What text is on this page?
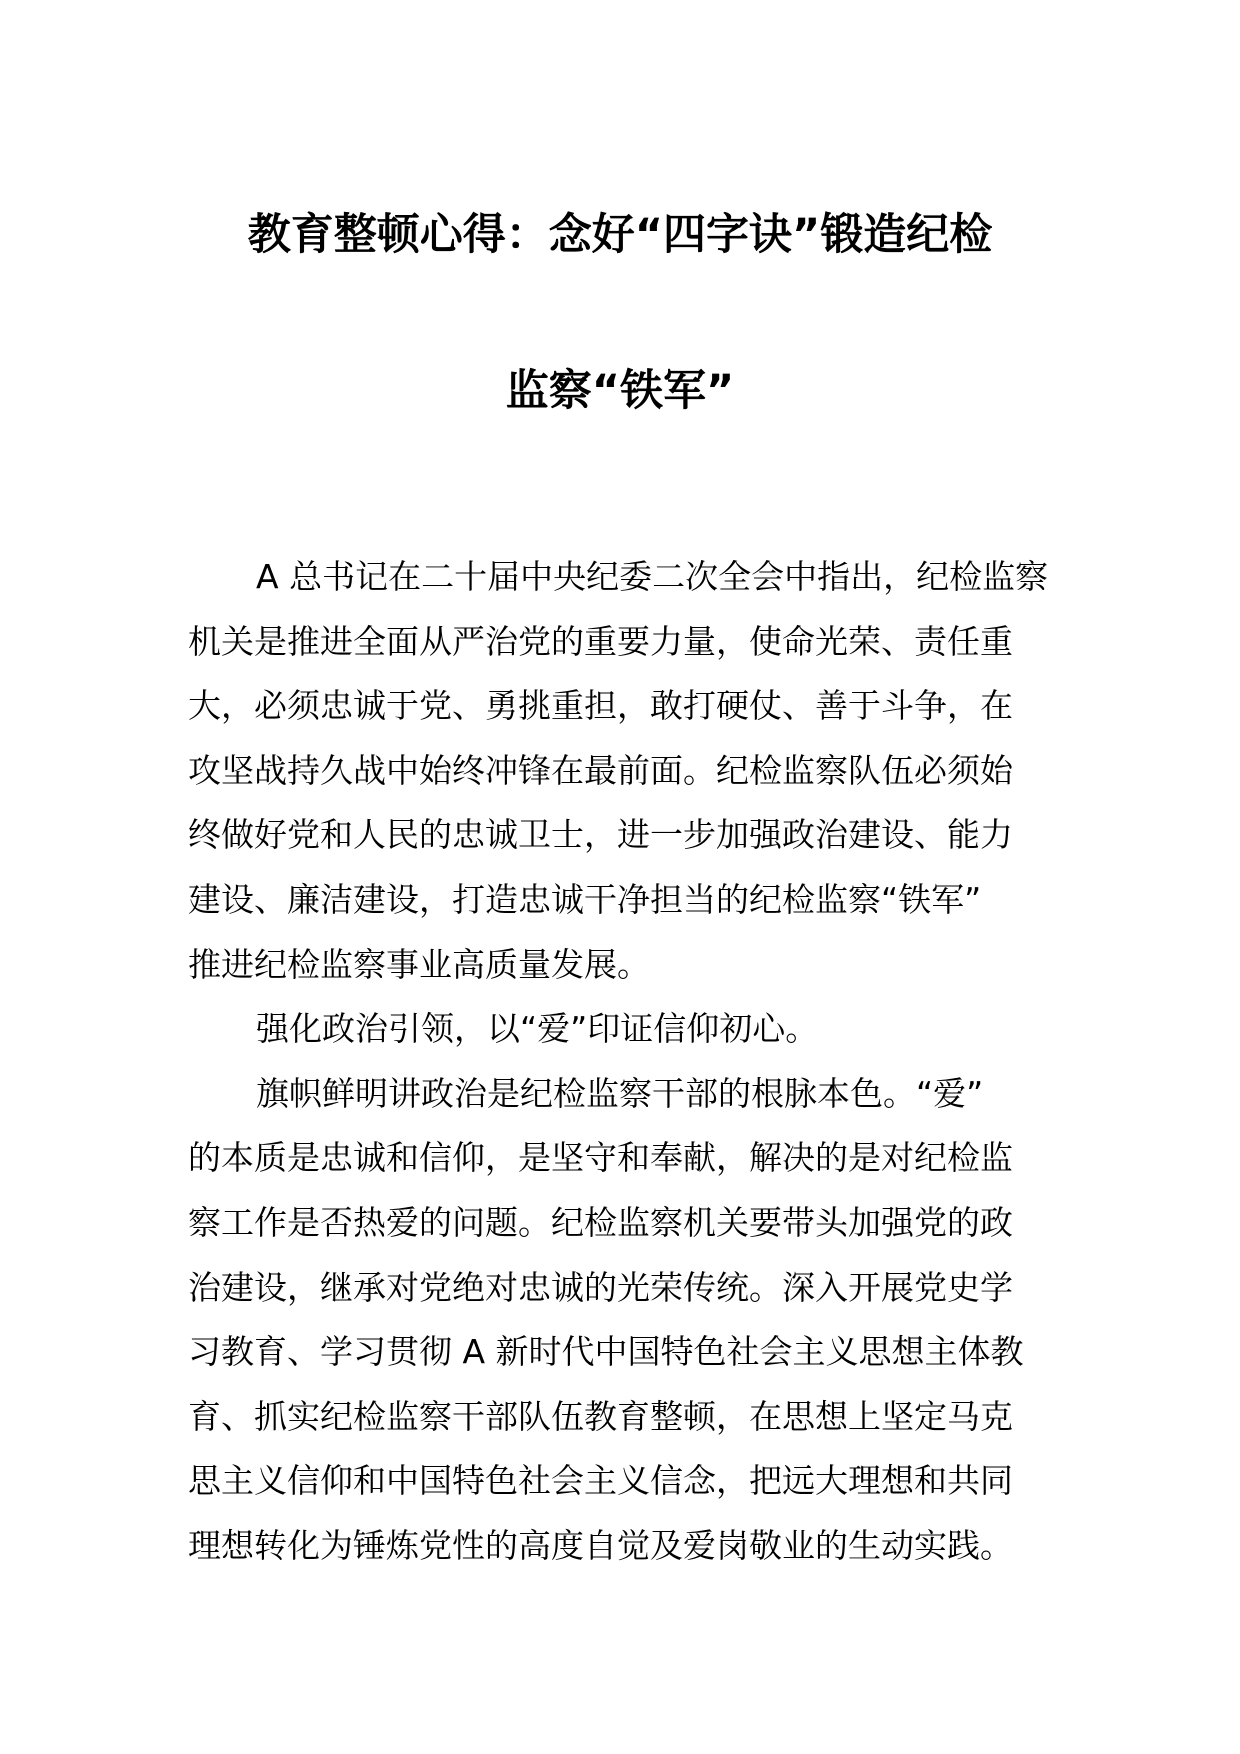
教育整顿心得：念好“四字诀”锻造纪检
监察“铁军”

A 总书记在二十届中央纪委二次全会中指出，纪检监察
机关是推进全面从严治党的重要力量，使命光荣、责任重
大，必须忠诚于党、勇挑重担，敢打硬仗、善于斗争，在
攻坚战持久战中始终冲锋在最前面。纪检监察队伍必须始
终做好党和人民的忠诚卫士，进一步加强政治建设、能力
建设、廉洁建设，打造忠诚干净担当的纪检监察“铁军”
推进纪检监察事业高质量发展。

强化政治引领，以“爱”印证信仰初心。

旗帜鲜明讲政治是纪检监察干部的根脉本色。“爱”
的本质是忠诚和信仰，是坚守和奉献，解决的是对纪检监
察工作是否热爱的问题。纪检监察机关要带头加强党的政
治建设，继承对党绝对忠诚的光荣传统。深入开展党史学
习教育、学习贯彻 A 新时代中国特色社会主义思想主体教
育、抓实纪检监察干部队伍教育整顿，在思想上坚定马克
思主义信仰和中国特色社会主义信念，把远大理想和共同
理想转化为锤炼党性的高度自觉及爱岗敬业的生动实践。
